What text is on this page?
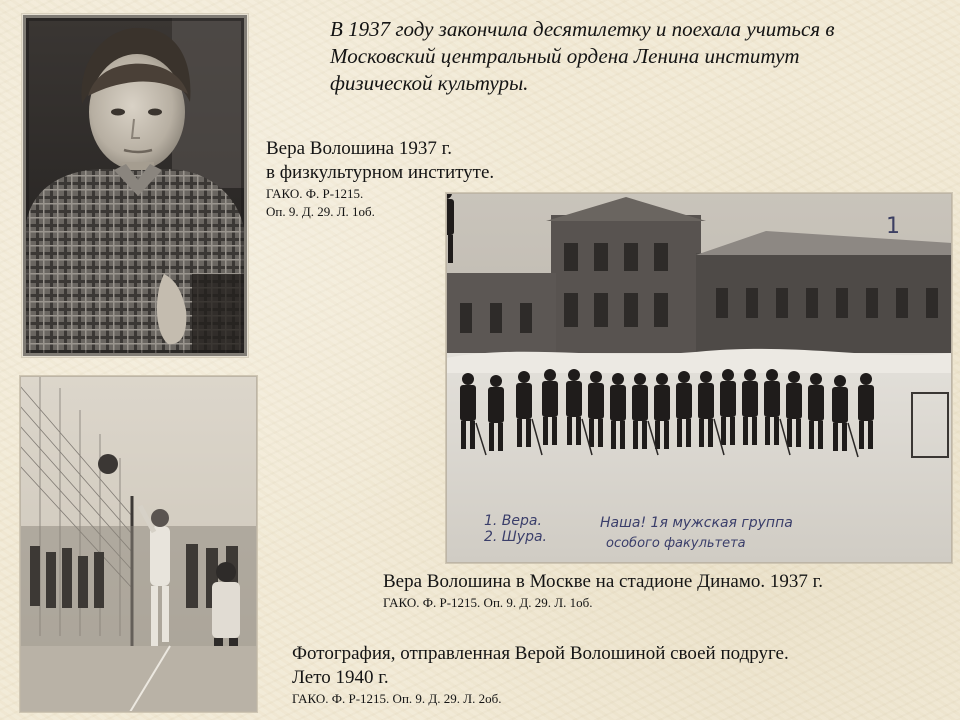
В 1937 году закончила десятилетку и поехала учиться в
Московский центральный ордена Ленина институт
физической культуры.
Вера Волошина 1937 г.
в физкультурном институте.
ГАКО. Ф. Р-1215.
Оп. 9. Д. 29. Л. 1об.
1
1. Вера.
2. Шура.
Наша! 1я мужская группа
особого факультета
Вера Волошина в Москве на стадионе Динамо. 1937 г.
ГАКО. Ф. Р-1215. Оп. 9. Д. 29. Л. 1об.
Фотография, отправленная Верой Волошиной своей подруге.
Лето 1940 г.
ГАКО. Ф. Р-1215. Оп. 9. Д. 29. Л. 2об.
